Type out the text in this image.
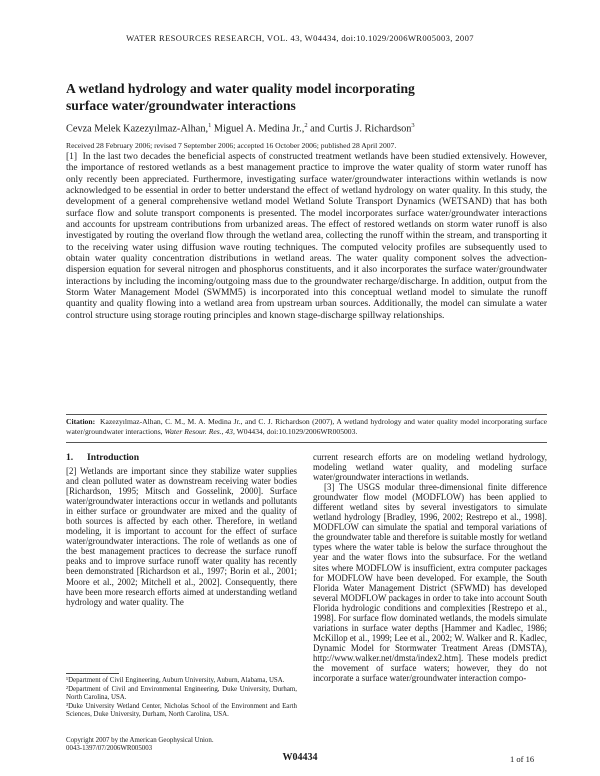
WATER RESOURCES RESEARCH, VOL. 43, W04434, doi:10.1029/2006WR005003, 2007
A wetland hydrology and water quality model incorporating
surface water/groundwater interactions
Cevza Melek Kazezyılmaz-Alhan,$^1$ Miguel A. Medina Jr.,$^2$ and Curtis J. Richardson$^3$
Received 28 February 2006; revised 7 September 2006; accepted 16 October 2006; published 28 April 2007.
[1] In the last two decades the beneficial aspects of constructed treatment wetlands have been studied extensively. However, the importance of restored wetlands as a best management practice to improve the water quality of storm water runoff has only recently been appreciated. Furthermore, investigating surface water/groundwater interactions within wetlands is now acknowledged to be essential in order to better understand the effect of wetland hydrology on water quality. In this study, the development of a general comprehensive wetland model Wetland Solute Transport Dynamics (WETSAND) that has both surface flow and solute transport components is presented. The model incorporates surface water/groundwater interactions and accounts for upstream contributions from urbanized areas. The effect of restored wetlands on storm water runoff is also investigated by routing the overland flow through the wetland area, collecting the runoff within the stream, and transporting it to the receiving water using diffusion wave routing techniques. The computed velocity profiles are subsequently used to obtain water quality concentration distributions in wetland areas. The water quality component solves the advection-dispersion equation for several nitrogen and phosphorus constituents, and it also incorporates the surface water/groundwater interactions by including the incoming/outgoing mass due to the groundwater recharge/discharge. In addition, output from the Storm Water Management Model (SWMM5) is incorporated into this conceptual wetland model to simulate the runoff quantity and quality flowing into a wetland area from upstream urban sources. Additionally, the model can simulate a water control structure using storage routing principles and known stage-discharge spillway relationships.
Citation: Kazezyılmaz-Alhan, C. M., M. A. Medina Jr., and C. J. Richardson (2007), A wetland hydrology and water quality model incorporating surface water/groundwater interactions, Water Resour. Res., 43, W04434, doi:10.1029/2006WR005003.
1. Introduction
[2] Wetlands are important since they stabilize water supplies and clean polluted water as downstream receiving water bodies [Richardson, 1995; Mitsch and Gosselink, 2000]. Surface water/groundwater interactions occur in wetlands and pollutants in either surface or groundwater are mixed and the quality of both sources is affected by each other. Therefore, in wetland modeling, it is important to account for the effect of surface water/groundwater interactions. The role of wetlands as one of the best management practices to decrease the surface runoff peaks and to improve surface runoff water quality has recently been demonstrated [Richardson et al., 1997; Borin et al., 2001; Moore et al., 2002; Mitchell et al., 2002]. Consequently, there have been more research efforts aimed at understanding wetland hydrology and water quality. The
¹Department of Civil Engineering, Auburn University, Auburn, Alabama, USA.
²Department of Civil and Environmental Engineering, Duke University, Durham, North Carolina, USA.
³Duke University Wetland Center, Nicholas School of the Environment and Earth Sciences, Duke University, Durham, North Carolina, USA.
Copyright 2007 by the American Geophysical Union.
0043-1397/07/2006WR005003

current research efforts are on modeling wetland hydrology, modeling wetland water quality, and modeling surface water/groundwater interactions in wetlands.

[3] The USGS modular three-dimensional finite difference groundwater flow model (MODFLOW) has been applied to different wetland sites by several investigators to simulate wetland hydrology [Bradley, 1996, 2002; Restrepo et al., 1998]. MODFLOW can simulate the spatial and temporal variations of the groundwater table and therefore is suitable mostly for wetland types where the water table is below the surface throughout the year and the water flows into the subsurface. For the wetland sites where MODFLOW is insufficient, extra computer packages for MODFLOW have been developed. For example, the South Florida Water Management District (SFWMD) has developed several MODFLOW packages in order to take into account South Florida hydrologic conditions and complexities [Restrepo et al., 1998]. For surface flow dominated wetlands, the models simulate variations in surface water depths [Hammer and Kadlec, 1986; McKillop et al., 1999; Lee et al., 2002; W. Walker and R. Kadlec, Dynamic Model for Stormwater Treatment Areas (DMSTA), http://www.walker.net/dmsta/index2.htm]. These models predict the movement of surface waters; however, they do not incorporate a surface water/groundwater interaction compo-

W04434	1 of 16
